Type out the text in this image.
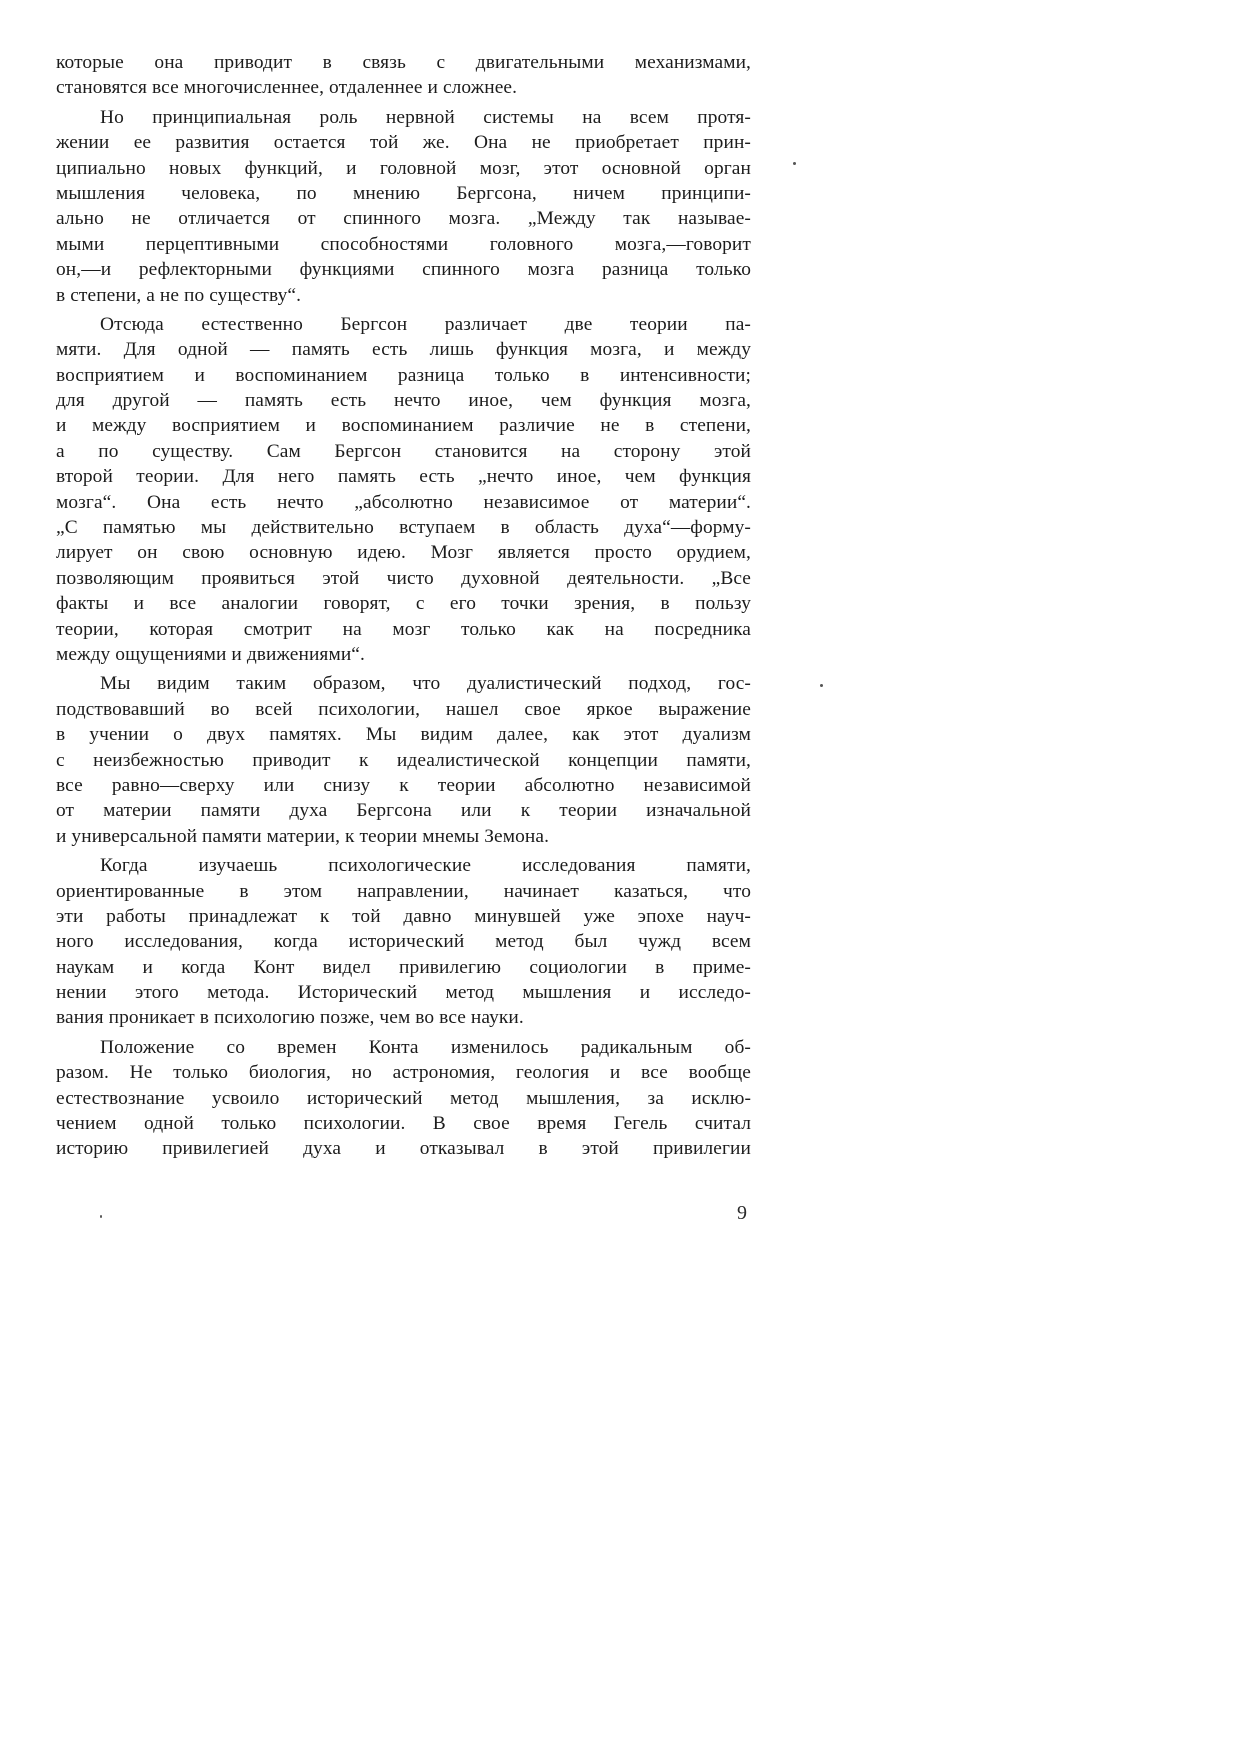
которые она приводит в связь с двигательными механизмами,
становятся все многочисленнее, отдаленнее и сложнее.

Но принципиальная роль нервной системы на всем протя-
жении ее развития остается той же. Она не приобретает прин-
ципиально новых функций, и головной мозг, этот основной орган
мышления человека, по мнению Бергсона, ничем принципи-
ально не отличается от спинного мозга. „Между так называе-
мыми перцептивными способностями головного мозга,—говорит
он,—и рефлекторными функциями спинного мозга разница только
в степени, а не по существу“.

Отсюда естественно Бергсон различает две теории па-
мяти. Для одной — память есть лишь функция мозга, и между
восприятием и воспоминанием разница только в интенсивности;
для другой — память есть нечто иное, чем функция мозга,
и между восприятием и воспоминанием различие не в степени,
а по существу. Сам Бергсон становится на сторону этой
второй теории. Для него память есть „нечто иное, чем функция
мозга“. Она есть нечто „абсолютно независимое от материи“.
„С памятью мы действительно вступаем в область духа“—форму-
лирует он свою основную идею. Мозг является просто орудием,
позволяющим проявиться этой чисто духовной деятельности. „Все
факты и все аналогии говорят, с его точки зрения, в пользу
теории, которая смотрит на мозг только как на посредника
между ощущениями и движениями“.

Мы видим таким образом, что дуалистический подход, гос-
подствовавший во всей психологии, нашел свое яркое выражение
в учении о двух памятях. Мы видим далее, как этот дуализм
с неизбежностью приводит к идеалистической концепции памяти,
все равно—сверху или снизу к теории абсолютно независимой
от материи памяти духа Бергсона или к теории изначальной
и универсальной памяти материи, к теории мнемы Земона.

Когда изучаешь психологические исследования памяти,
ориентированные в этом направлении, начинает казаться, что
эти работы принадлежат к той давно минувшей уже эпохе науч-
ного исследования, когда исторический метод был чужд всем
наукам и когда Конт видел привилегию социологии в приме-
нении этого метода. Исторический метод мышления и исследо-
вания проникает в психологию позже, чем во все науки.

Положение со времен Конта изменилось радикальным об-
разом. Не только биология, но астрономия, геология и все вообще
естествознание усвоило исторический метод мышления, за исклю-
чением одной только психологии. В свое время Гегель считал
историю привилегией духа и отказывал в этой привилегии

9
